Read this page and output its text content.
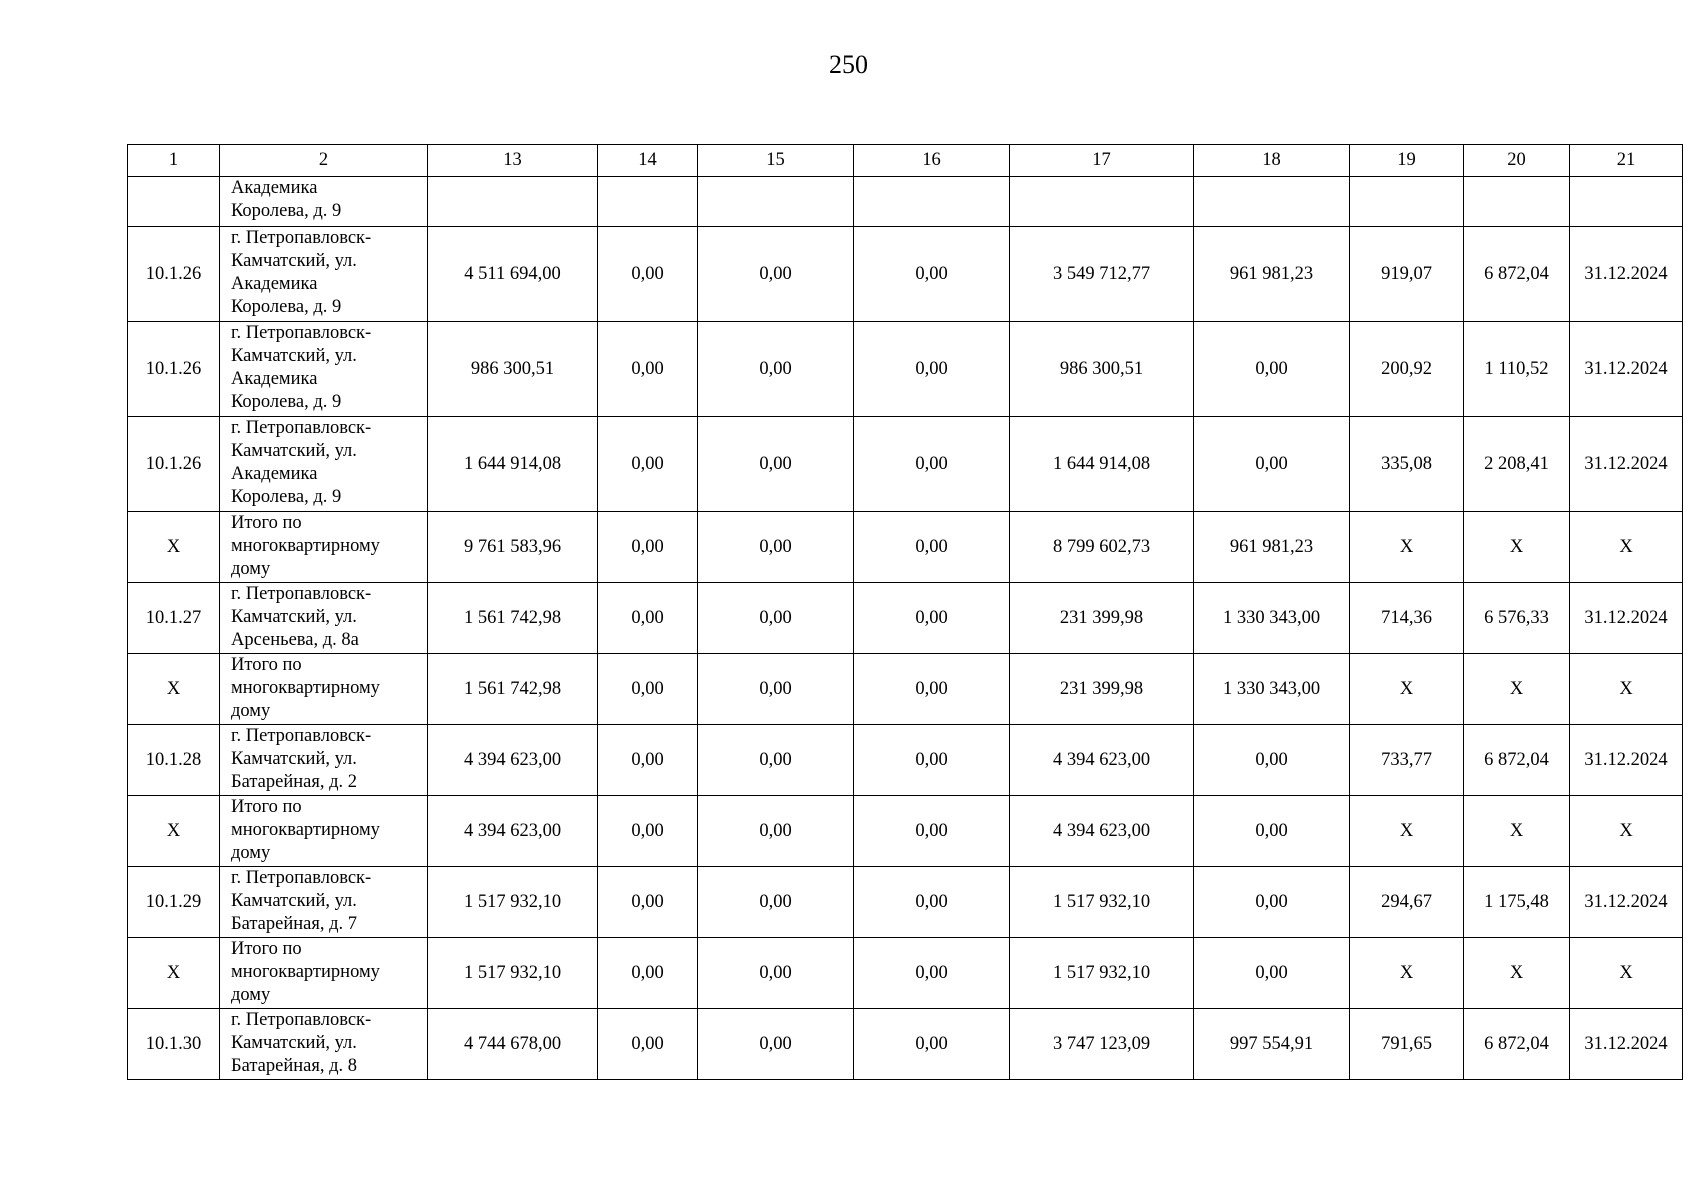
250
1	2	13	14	15	16	17	18	19	20	21
	Академика
Королева, д. 9									
10.1.26	г. Петропавловск-
Камчатский, ул.
Академика
Королева, д. 9	4 511 694,00	0,00	0,00	0,00	3 549 712,77	961 981,23	919,07	6 872,04	31.12.2024
10.1.26	г. Петропавловск-
Камчатский, ул.
Академика
Королева, д. 9	986 300,51	0,00	0,00	0,00	986 300,51	0,00	200,92	1 110,52	31.12.2024
10.1.26	г. Петропавловск-
Камчатский, ул.
Академика
Королева, д. 9	1 644 914,08	0,00	0,00	0,00	1 644 914,08	0,00	335,08	2 208,41	31.12.2024
Х	Итого по
многоквартирному
дому	9 761 583,96	0,00	0,00	0,00	8 799 602,73	961 981,23	Х	Х	Х
10.1.27	г. Петропавловск-
Камчатский, ул.
Арсеньева, д. 8а	1 561 742,98	0,00	0,00	0,00	231 399,98	1 330 343,00	714,36	6 576,33	31.12.2024
Х	Итого по
многоквартирному
дому	1 561 742,98	0,00	0,00	0,00	231 399,98	1 330 343,00	Х	Х	Х
10.1.28	г. Петропавловск-
Камчатский, ул.
Батарейная, д. 2	4 394 623,00	0,00	0,00	0,00	4 394 623,00	0,00	733,77	6 872,04	31.12.2024
Х	Итого по
многоквартирному
дому	4 394 623,00	0,00	0,00	0,00	4 394 623,00	0,00	Х	Х	Х
10.1.29	г. Петропавловск-
Камчатский, ул.
Батарейная, д. 7	1 517 932,10	0,00	0,00	0,00	1 517 932,10	0,00	294,67	1 175,48	31.12.2024
Х	Итого по
многоквартирному
дому	1 517 932,10	0,00	0,00	0,00	1 517 932,10	0,00	Х	Х	Х
10.1.30	г. Петропавловск-
Камчатский, ул.
Батарейная, д. 8	4 744 678,00	0,00	0,00	0,00	3 747 123,09	997 554,91	791,65	6 872,04	31.12.2024
